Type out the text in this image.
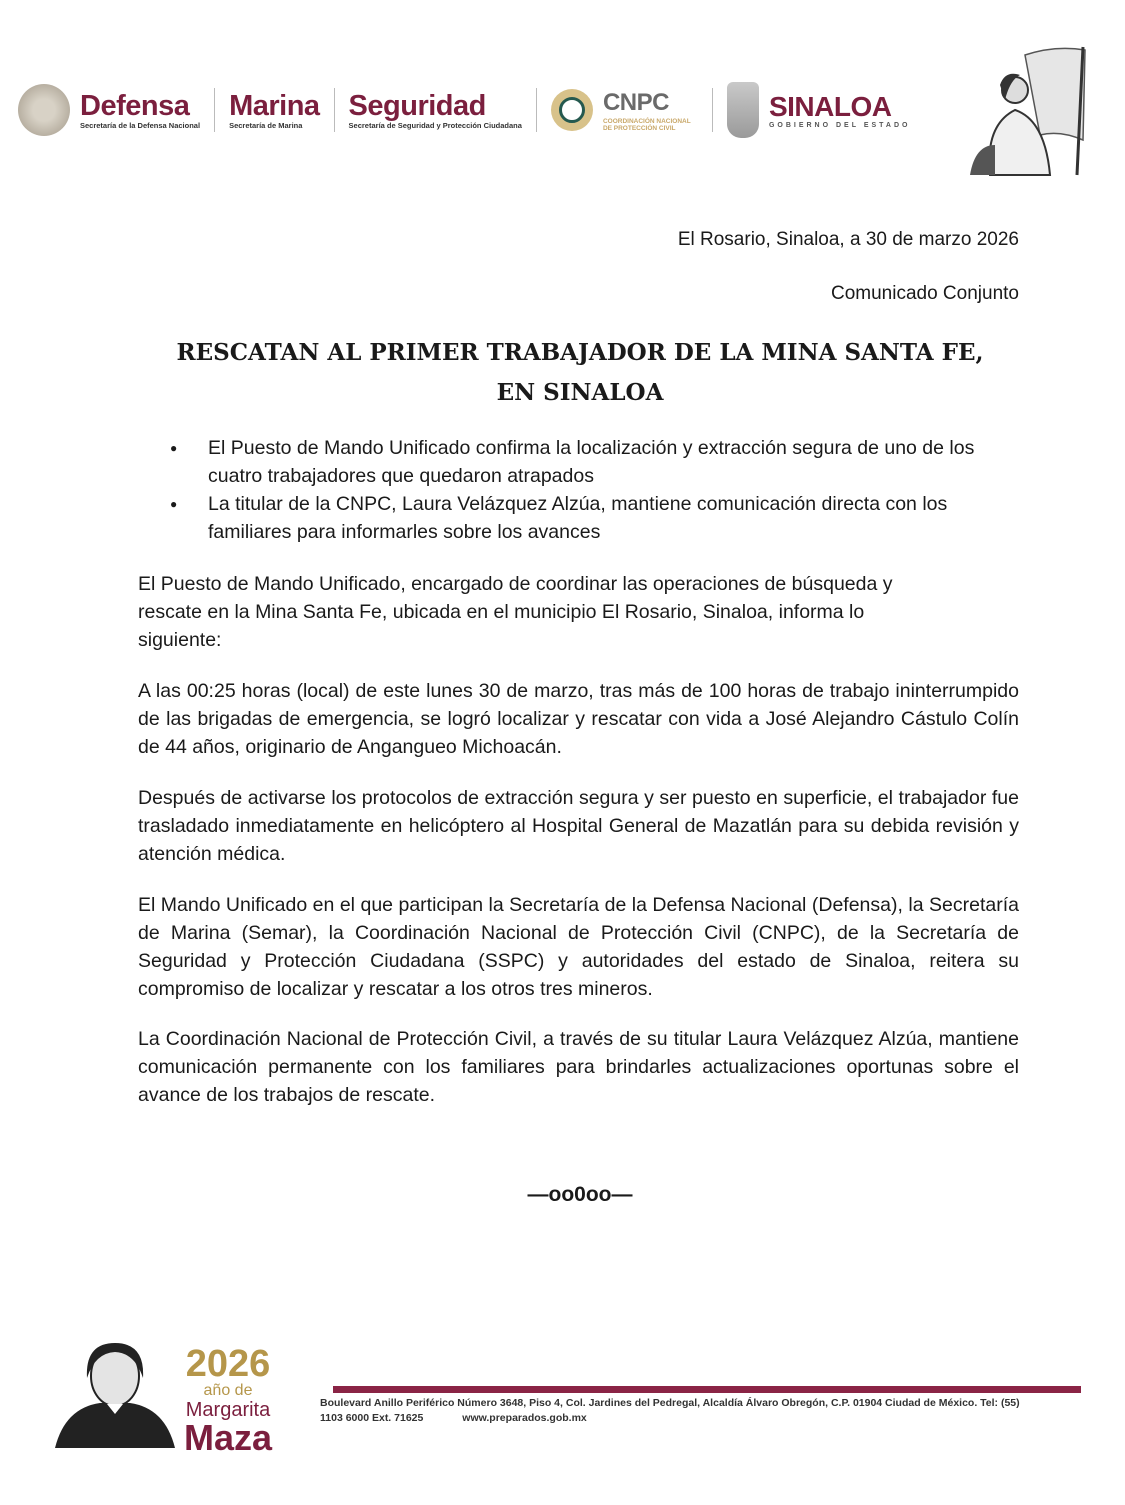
Defensa
Secretaría de la Defensa Nacional
Marina
Secretaría de Marina
Seguridad
Secretaría de Seguridad y Protección Ciudadana
CNPC
COORDINACIÓN NACIONAL DE PROTECCIÓN CIVIL
SINALOA
GOBIERNO DEL ESTADO
El Rosario, Sinaloa, a 30 de marzo 2026
Comunicado Conjunto
RESCATAN AL PRIMER TRABAJADOR DE LA MINA SANTA FE,
EN SINALOA
● El Puesto de Mando Unificado confirma la localización y extracción segura de uno de los cuatro trabajadores que quedaron atrapados
● La titular de la CNPC, Laura Velázquez Alzúa, mantiene comunicación directa con los familiares para informarles sobre los avances

El Puesto de Mando Unificado, encargado de coordinar las operaciones de búsqueda y rescate en la Mina Santa Fe, ubicada en el municipio El Rosario, Sinaloa, informa lo siguiente:

A las 00:25 horas (local) de este lunes 30 de marzo, tras más de 100 horas de trabajo ininterrumpido de las brigadas de emergencia, se logró localizar y rescatar con vida a José Alejandro Cástulo Colín de 44 años, originario de Angangueo Michoacán.

Después de activarse los protocolos de extracción segura y ser puesto en superficie, el trabajador fue trasladado inmediatamente en helicóptero al Hospital General de Mazatlán para su debida revisión y atención médica.

El Mando Unificado en el que participan la Secretaría de la Defensa Nacional (Defensa), la Secretaría de Marina (Semar), la Coordinación Nacional de Protección Civil (CNPC), de la Secretaría de Seguridad y Protección Ciudadana (SSPC) y autoridades del estado de Sinaloa, reitera su compromiso de localizar y rescatar a los otros tres mineros.

La Coordinación Nacional de Protección Civil, a través de su titular Laura Velázquez Alzúa, mantiene comunicación permanente con los familiares para brindarles actualizaciones oportunas sobre el avance de los trabajos de rescate.

—oo0oo—
2026
año de
Margarita
Maza
Boulevard Anillo Periférico Número 3648, Piso 4, Col. Jardines del Pedregal, Alcaldía Álvaro Obregón, C.P. 01904 Ciudad de México. Tel: (55) 1103 6000 Ext. 71625	www.preparados.gob.mx
